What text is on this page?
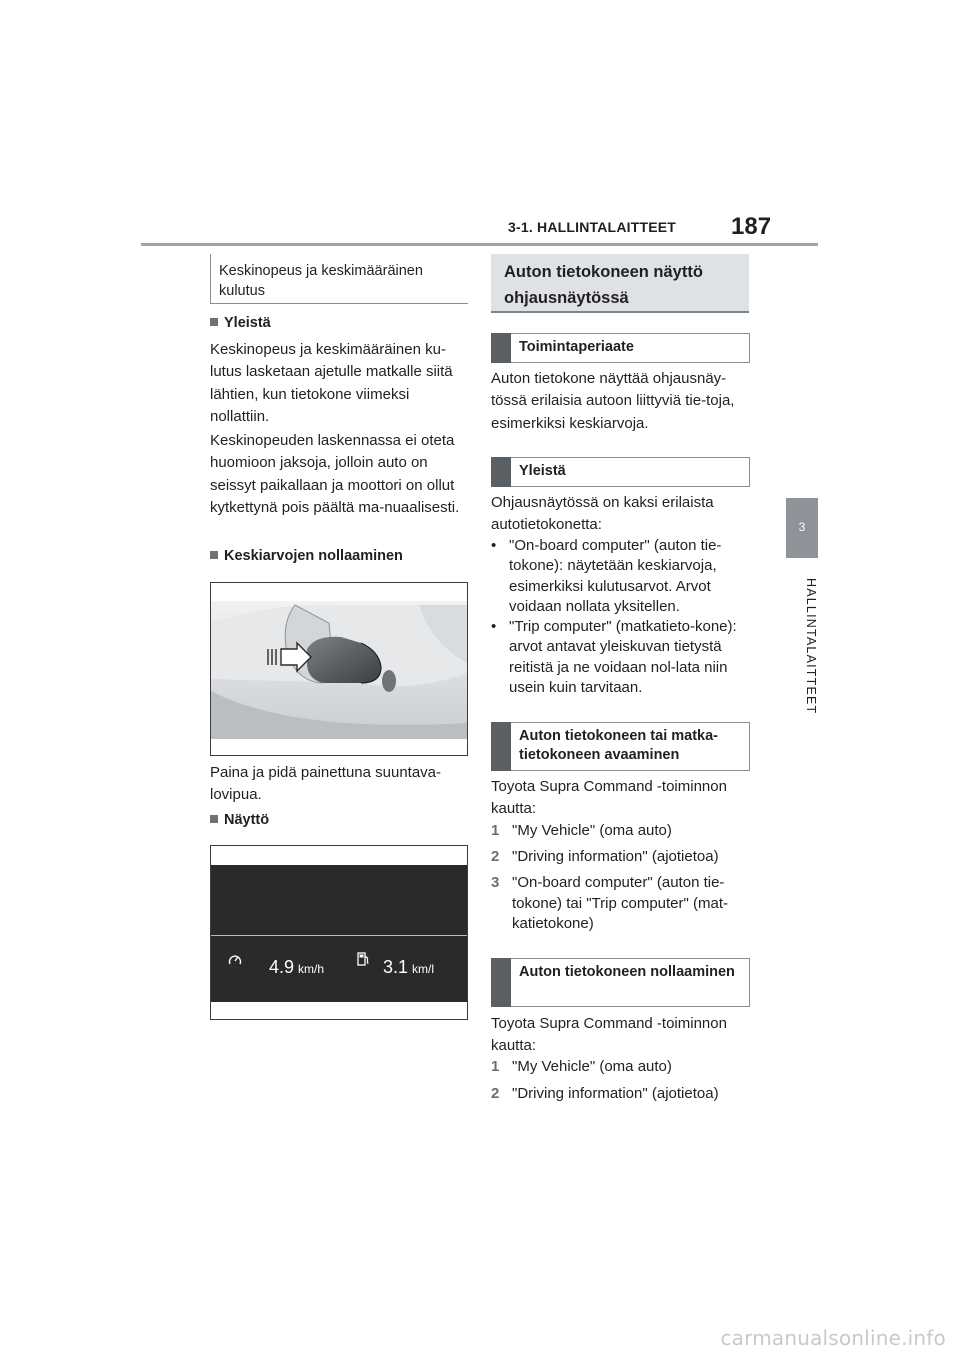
3-1. HALLINTALAITTEET 187
3
HALLINTALAITTEET
Keskinopeus ja keskimääräinen kulutus
Yleistä
Keskinopeus ja keskimääräinen ku-lutus lasketaan ajetulle matkalle siitä lähtien, kun tietokone viimeksi nollattiin.
Keskinopeuden laskennassa ei oteta huomioon jaksoja, jolloin auto on seissyt paikallaan ja moottori on ollut kytkettynä pois päältä ma-nuaalisesti.
Keskiarvojen nollaaminen
Paina ja pidä painettuna suuntava-lovipua.
Näyttö
4.9 km/h	3.1 km/l
Auton tietokoneen näyttö ohjausnäytössä
Toimintaperiaate
Auton tietokone näyttää ohjausnäy-tössä erilaisia autoon liittyviä tie-toja, esimerkiksi keskiarvoja.
Yleistä
Ohjausnäytössä on kaksi erilaista autotietokonetta:
• "On-board computer" (auton tie-tokone): näytetään keskiarvoja, esimerkiksi kulutusarvot. Arvot voidaan nollata yksitellen.
• "Trip computer" (matkatieto-kone): arvot antavat yleiskuvan tietystä reitistä ja ne voidaan nol-lata niin usein kuin tarvitaan.
Auton tietokoneen tai matka-tietokoneen avaaminen
Toyota Supra Command -toiminnon kautta:
1 "My Vehicle" (oma auto)
2 "Driving information" (ajotietoa)
3 "On-board computer" (auton tie-tokone) tai "Trip computer" (mat-katietokone)
Auton tietokoneen nollaaminen
Toyota Supra Command -toiminnon kautta:
1 "My Vehicle" (oma auto)
2 "Driving information" (ajotietoa)
carmanualsonline.info
